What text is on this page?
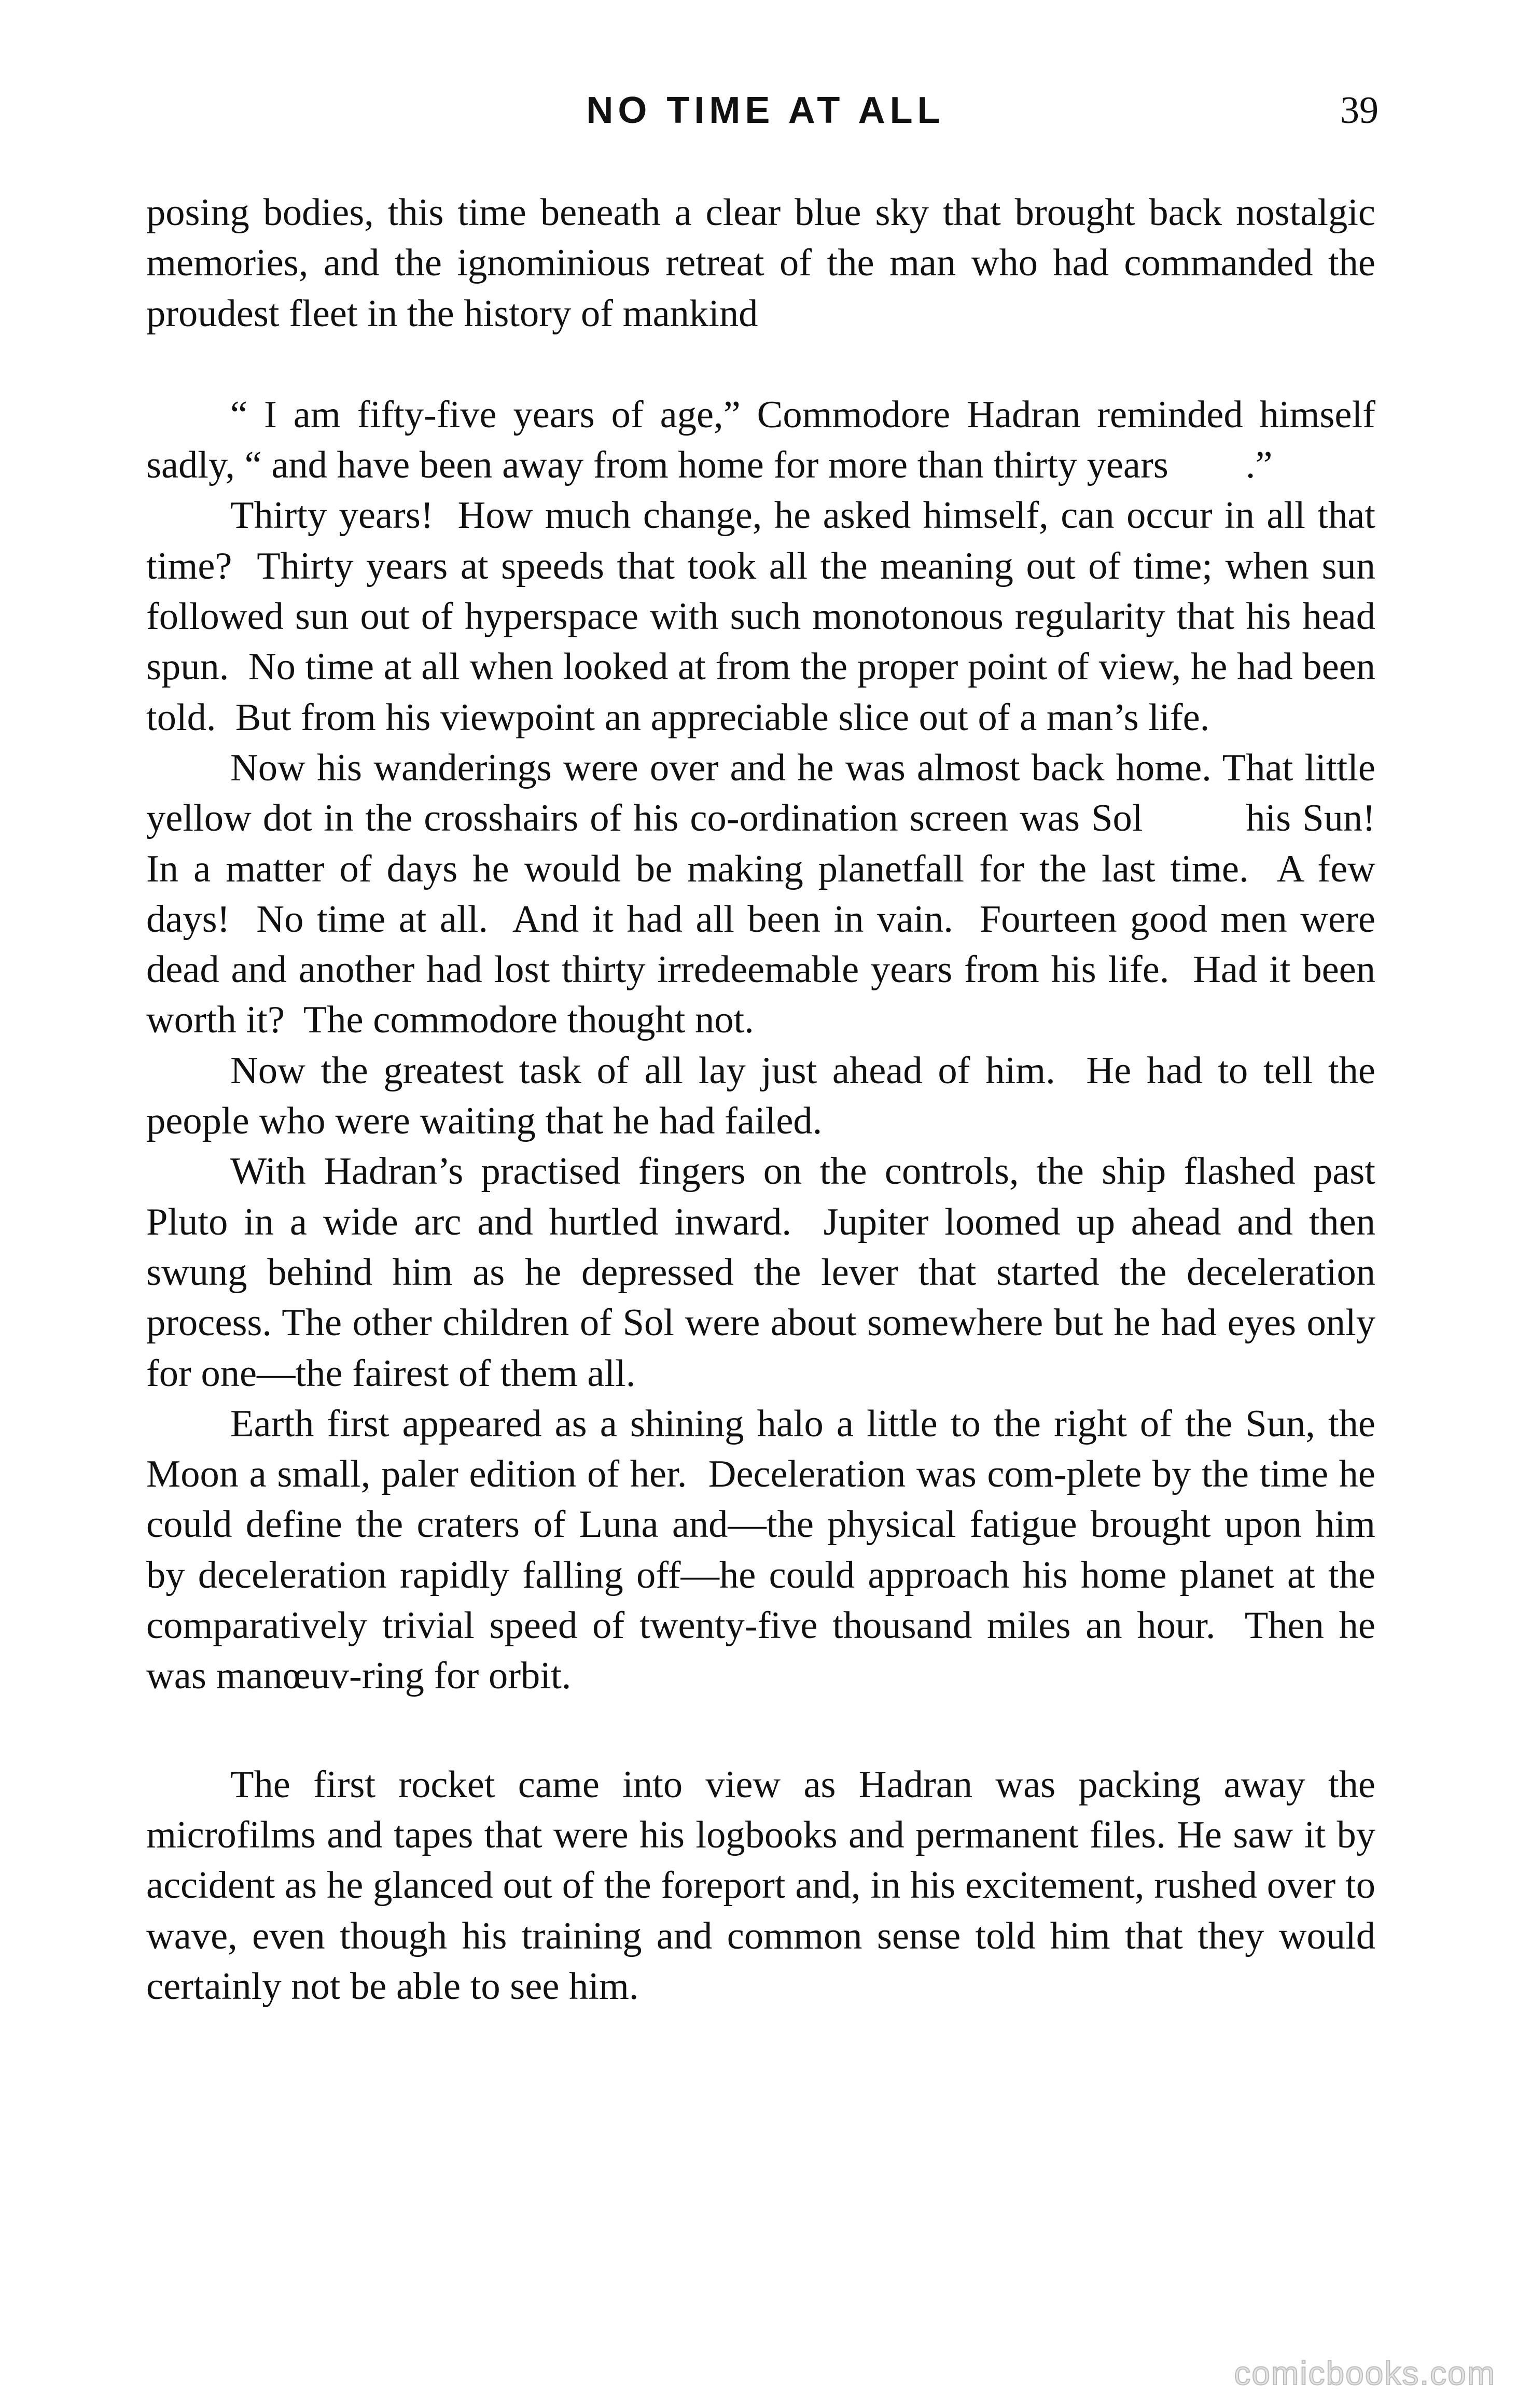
NO TIME AT ALL	39

posing bodies, this time beneath a clear blue sky that brought back nostalgic memories, and the ignominious retreat of the man who had commanded the proudest fleet in the history of mankind

“ I am fifty-five years of age,” Commodore Hadran reminded himself sadly, “ and have been away from home for more than thirty years        .”

Thirty years!  How much change, he asked himself, can occur in all that time?  Thirty years at speeds that took all the meaning out of time; when sun followed sun out of hyperspace with such monotonous regularity that his head spun.  No time at all when looked at from the proper point of view, he had been told.  But from his viewpoint an appreciable slice out of a man’s life.

Now his wanderings were over and he was almost back home. That little yellow dot in the crosshairs of his co-ordination screen was Sol         his Sun!  In a matter of days he would be making planetfall for the last time.  A few days!  No time at all.  And it had all been in vain.  Fourteen good men were dead and another had lost thirty irredeemable years from his life.  Had it been worth it?  The commodore thought not.

Now the greatest task of all lay just ahead of him.  He had to tell the people who were waiting that he had failed.

With Hadran’s practised fingers on the controls, the ship flashed past Pluto in a wide arc and hurtled inward.  Jupiter loomed up ahead and then swung behind him as he depressed the lever that started the deceleration process. The other children of Sol were about somewhere but he had eyes only for one—the fairest of them all.

Earth first appeared as a shining halo a little to the right of the Sun, the Moon a small, paler edition of her.  Deceleration was com-plete by the time he could define the craters of Luna and—the physical fatigue brought upon him by deceleration rapidly falling off—he could approach his home planet at the comparatively trivial speed of twenty-five thousand miles an hour.  Then he was manœuv-ring for orbit.

The first rocket came into view as Hadran was packing away the microfilms and tapes that were his logbooks and permanent files. He saw it by accident as he glanced out of the foreport and, in his excitement, rushed over to wave, even though his training and common sense told him that they would certainly not be able to see him.

comicbooks.com
